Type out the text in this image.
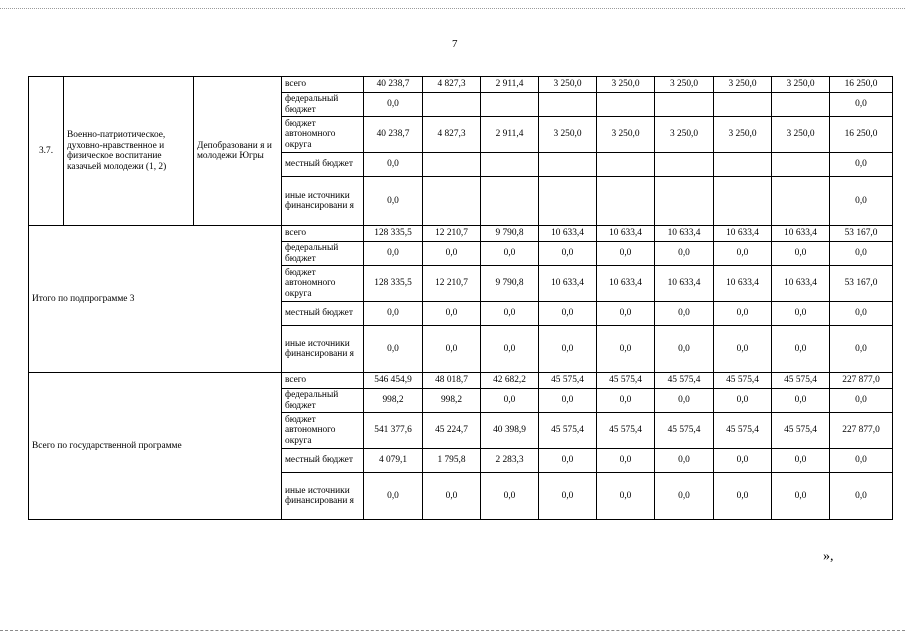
7
3.7.	Военно-патриотическое, духовно-нравственное и физическое воспитание казачьей молодежи (1, 2)	Депобразовани я и молодежи Югры	всего	40 238,7	4 827,3	2 911,4	3 250,0	3 250,0	3 250,0	3 250,0	3 250,0	16 250,0
			федеральный бюджет	0,0								0,0
			бюджет автономного округа	40 238,7	4 827,3	2 911,4	3 250,0	3 250,0	3 250,0	3 250,0	3 250,0	16 250,0
			местный бюджет	0,0								0,0
			иные источники финансировани я	0,0								0,0
Итого по подпрограмме 3			всего	128 335,5	12 210,7	9 790,8	10 633,4	10 633,4	10 633,4	10 633,4	10 633,4	53 167,0
			федеральный бюджет	0,0	0,0	0,0	0,0	0,0	0,0	0,0	0,0	0,0
			бюджет автономного округа	128 335,5	12 210,7	9 790,8	10 633,4	10 633,4	10 633,4	10 633,4	10 633,4	53 167,0
			местный бюджет	0,0	0,0	0,0	0,0	0,0	0,0	0,0	0,0	0,0
			иные источники финансировани я	0,0	0,0	0,0	0,0	0,0	0,0	0,0	0,0	0,0
Всего по государственной программе			всего	546 454,9	48 018,7	42 682,2	45 575,4	45 575,4	45 575,4	45 575,4	45 575,4	227 877,0
			федеральный бюджет	998,2	998,2	0,0	0,0	0,0	0,0	0,0	0,0	0,0
			бюджет автономного округа	541 377,6	45 224,7	40 398,9	45 575,4	45 575,4	45 575,4	45 575,4	45 575,4	227 877,0
			местный бюджет	4 079,1	1 795,8	2 283,3	0,0	0,0	0,0	0,0	0,0	0,0
			иные источники финансировани я	0,0	0,0	0,0	0,0	0,0	0,0	0,0	0,0	0,0
»,
